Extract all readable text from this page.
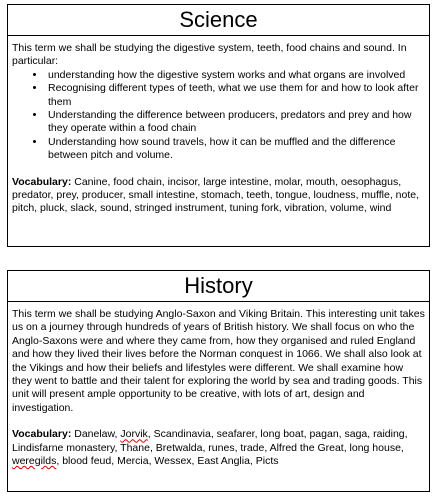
Science

This term we shall be studying the digestive system, teeth, food chains and sound. In particular:

• understanding how the digestive system works and what organs are involved
• Recognising different types of teeth, what we use them for and how to look after them
• Understanding the difference between producers, predators and prey and how they operate within a food chain
• Understanding how sound travels, how it can be muffled and the difference between pitch and volume.

Vocabulary: Canine, food chain, incisor, large intestine, molar, mouth, oesophagus, predator, prey, producer, small intestine, stomach, teeth, tongue, loudness, muffle, note, pitch, pluck, slack, sound, stringed instrument, tuning fork, vibration, volume, wind

History

This term we shall be studying Anglo-Saxon and Viking Britain. This interesting unit takes us on a journey through hundreds of years of British history. We shall focus on who the Anglo-Saxons were and where they came from, how they organised and ruled England and how they lived their lives before the Norman conquest in 1066. We shall also look at the Vikings and how their beliefs and lifestyles were different. We shall examine how they went to battle and their talent for exploring the world by sea and trading goods. This unit will present ample opportunity to be creative, with lots of art, design and investigation.

Vocabulary: Danelaw, Jorvik, Scandinavia, seafarer, long boat, pagan, saga, raiding, Lindisfarne monastery, Thane, Bretwalda, runes, trade, Alfred the Great, long house, weregilds, blood feud, Mercia, Wessex, East Anglia, Picts
